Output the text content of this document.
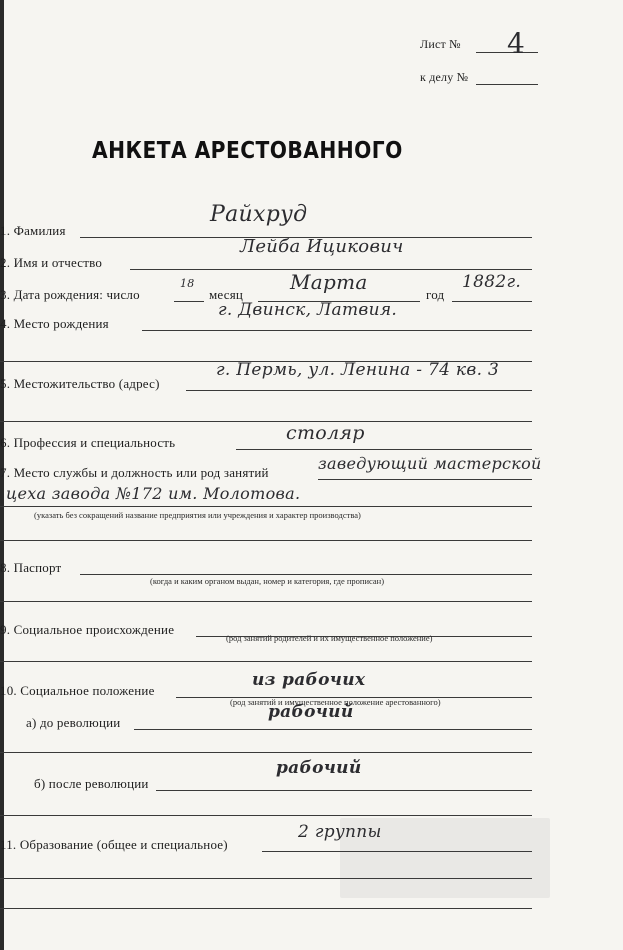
Лист № 4
к делу №
АНКЕТА АРЕСТОВАННОГО
1. Фамилия
Райхруд
2. Имя и отчество
Лейба Ицикович
3. Дата рождения: число
18
месяц
Марта
год
1882г.
4. Место рождения
г. Двинск, Латвия.
5. Местожительство (адрес)
г. Пермь, ул. Ленина - 74 кв. 3
6. Профессия и специальность	столяр
7. Место службы и должность или род занятий	заведующий мастерской
цеха завода №172 им. Молотова.
(указать без сокращений название предприятия или учреждения и характер производства)
8. Паспорт
(когда и каким органом выдан, номер и категория, где прописан)
9. Социальное происхождение
(род занятий родителей и их имущественное положение)
10. Социальное положение
из рабочих
(род занятий и имущественное положение арестованного)
а) до революции
рабочий
б) после революции
рабочий
11. Образование (общее и специальное)
2 группы
